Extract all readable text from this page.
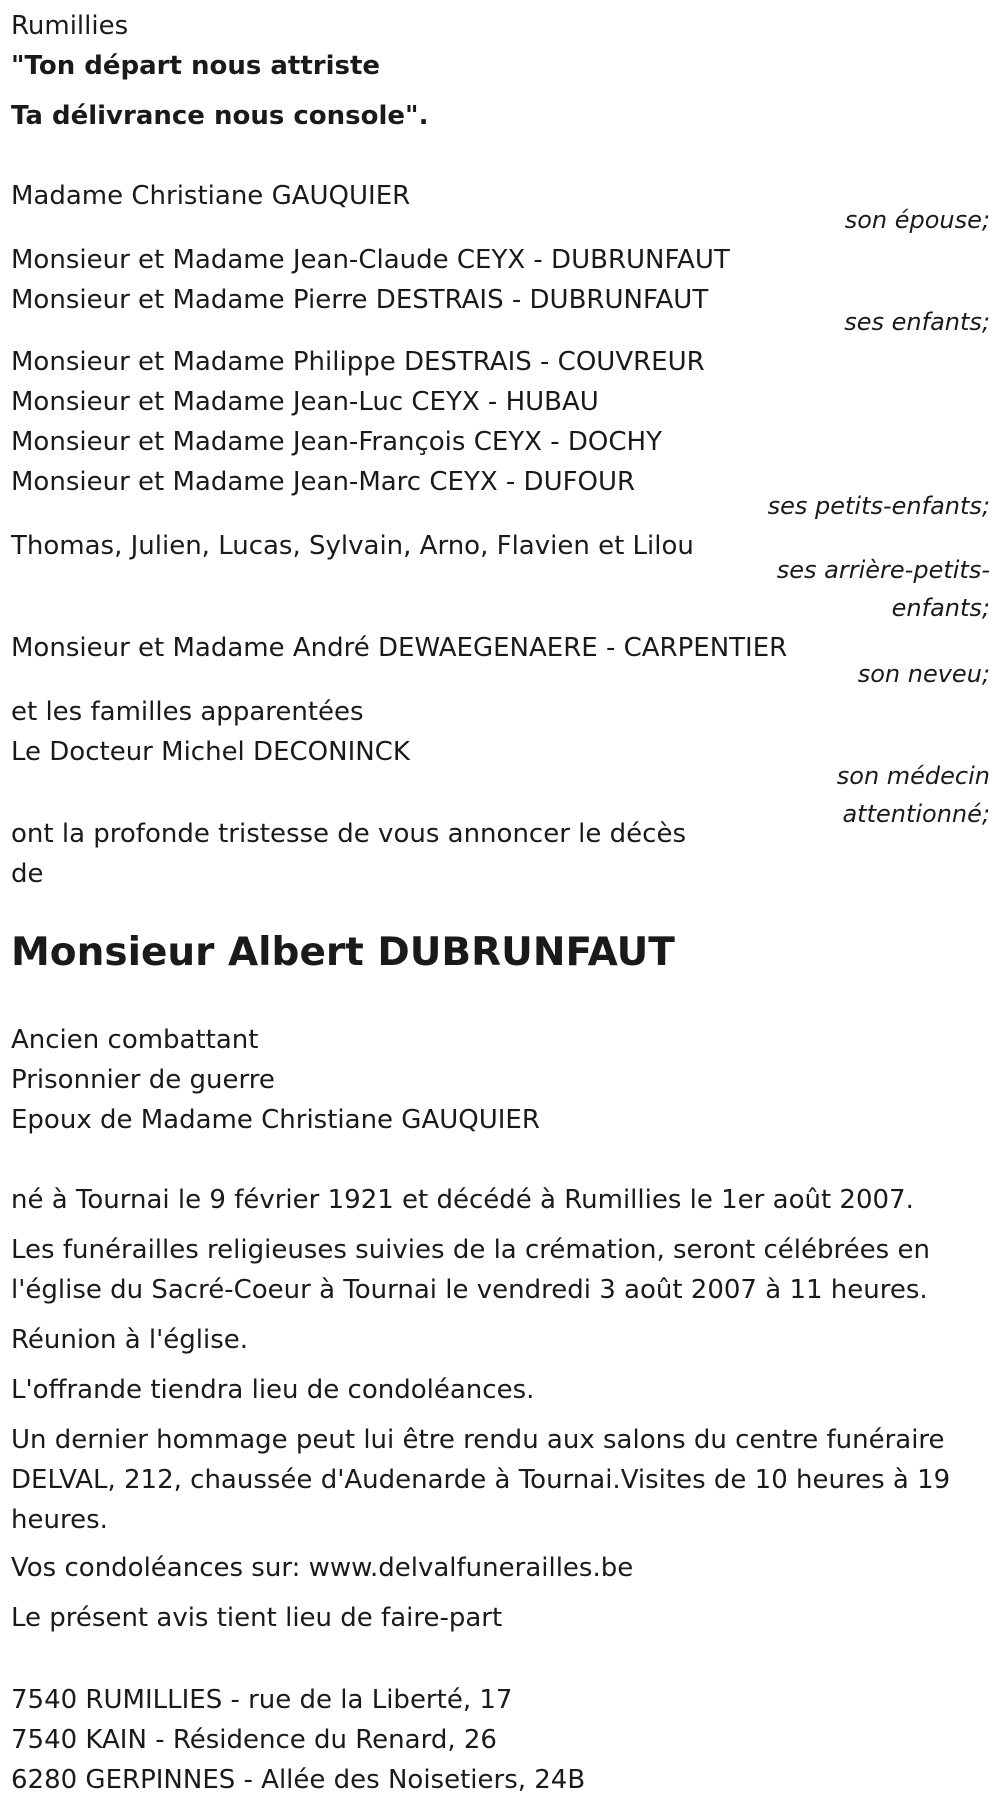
Rumillies

"Ton départ nous attriste

Ta délivrance nous console".

Madame Christiane GAUQUIER

son épouse;

Monsieur et Madame Jean-Claude CEYX - DUBRUNFAUT

Monsieur et Madame Pierre DESTRAIS - DUBRUNFAUT

ses enfants;

Monsieur et Madame Philippe DESTRAIS - COUVREUR

Monsieur et Madame Jean-Luc CEYX - HUBAU

Monsieur et Madame Jean-François CEYX - DOCHY

Monsieur et Madame Jean-Marc CEYX - DUFOUR

ses petits-enfants;

Thomas, Julien, Lucas, Sylvain, Arno, Flavien et Lilou

ses arrière-petits-

enfants;

Monsieur et Madame André DEWAEGENAERE - CARPENTIER

son neveu;

et les familles apparentées

Le Docteur Michel DECONINCK

son médecin

attentionné;

ont la profonde tristesse de vous annoncer le décès

de

Monsieur Albert DUBRUNFAUT

Ancien combattant

Prisonnier de guerre

Epoux de Madame Christiane GAUQUIER

né à Tournai le 9 février 1921 et décédé à Rumillies le 1er août 2007.

Les funérailles religieuses suivies de la crémation, seront célébrées en l'église du Sacré-Coeur à Tournai le vendredi 3 août 2007 à 11 heures.

Réunion à l'église.

L'offrande tiendra lieu de condoléances.

Un dernier hommage peut lui être rendu aux salons du centre funéraire DELVAL, 212, chaussée d'Audenarde à Tournai.Visites de 10 heures à 19 heures.

Vos condoléances sur: www.delvalfunerailles.be

Le présent avis tient lieu de faire-part

7540 RUMILLIES - rue de la Liberté, 17

7540 KAIN - Résidence du Renard, 26

6280 GERPINNES - Allée des Noisetiers, 24B
